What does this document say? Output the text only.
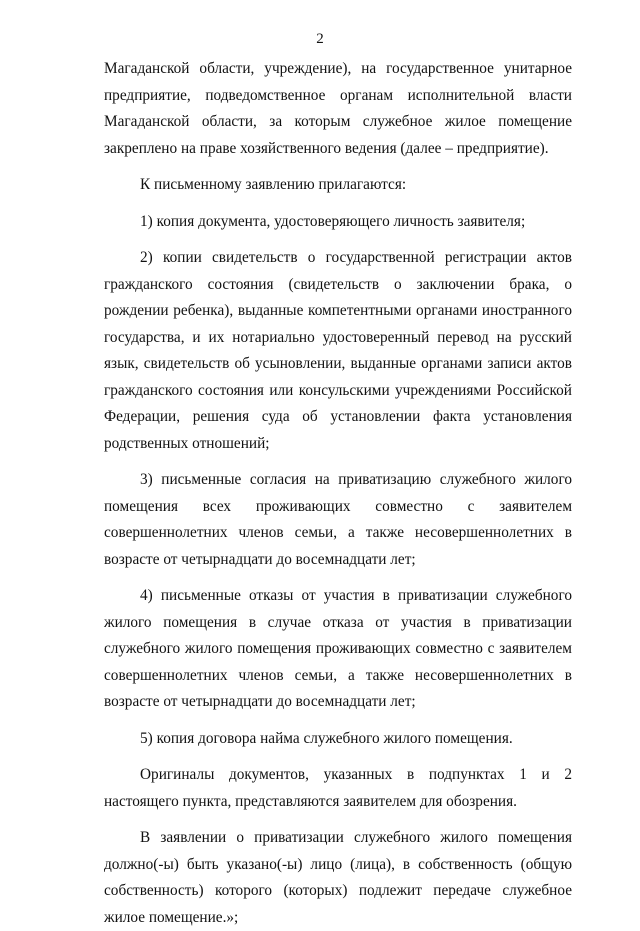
2

Магаданской области, учреждение), на государственное унитарное предприятие, подведомственное органам исполнительной власти Магаданской области, за которым служебное жилое помещение закреплено на праве хозяйственного ведения (далее – предприятие).

К письменному заявлению прилагаются:

1) копия документа, удостоверяющего личность заявителя;

2) копии свидетельств о государственной регистрации актов гражданского состояния (свидетельств о заключении брака, о рождении ребенка), выданные компетентными органами иностранного государства, и их нотариально удостоверенный перевод на русский язык, свидетельств об усыновлении, выданные органами записи актов гражданского состояния или консульскими учреждениями Российской Федерации, решения суда об установлении факта установления родственных отношений;

3) письменные согласия на приватизацию служебного жилого помещения всех проживающих совместно с заявителем совершеннолетних членов семьи, а также несовершеннолетних в возрасте от четырнадцати до восемнадцати лет;

4) письменные отказы от участия в приватизации служебного жилого помещения в случае отказа от участия в приватизации служебного жилого помещения проживающих совместно с заявителем совершеннолетних членов семьи, а также несовершеннолетних в возрасте от четырнадцати до восемнадцати лет;

5) копия договора найма служебного жилого помещения.

Оригиналы документов, указанных в подпунктах 1 и 2 настоящего пункта, представляются заявителем для обозрения.

В заявлении о приватизации служебного жилого помещения должно(-ы) быть указано(-ы) лицо (лица), в собственность (общую собственность) которого (которых) подлежит передаче служебное жилое помещение.»;
